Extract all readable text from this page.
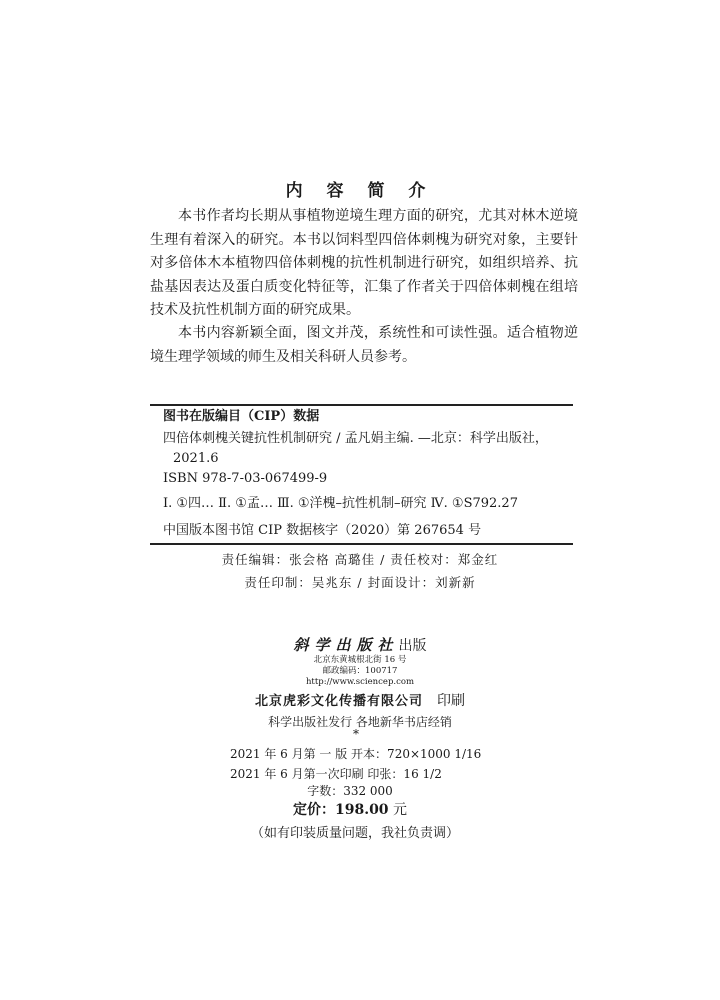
内 容 简 介
本书作者均长期从事植物逆境生理方面的研究，尤其对林木逆境生理有着深入的研究。本书以饲料型四倍体刺槐为研究对象，主要针对多倍体木本植物四倍体刺槐的抗性机制进行研究，如组织培养、抗盐基因表达及蛋白质变化特征等，汇集了作者关于四倍体刺槐在组培技术及抗性机制方面的研究成果。
本书内容新颖全面，图文并茂，系统性和可读性强。适合植物逆境生理学领域的师生及相关科研人员参考。
图书在版编目（CIP）数据
四倍体刺槐关键抗性机制研究 / 孟凡娟主编. —北京：科学出版社，
2021.6
ISBN 978-7-03-067499-9
Ⅰ. ①四… Ⅱ. ①孟… Ⅲ. ①洋槐–抗性机制–研究 Ⅳ. ①S792.27
中国版本图书馆 CIP 数据核字（2020）第 267654 号
责任编辑：张会格 高璐佳 / 责任校对：郑金红
责任印制：吴兆东 / 封面设计：刘新新
斜学出版社出版
北京东黄城根北街 16 号
邮政编码：100717
http://www.sciencep.com
北京虎彩文化传播有限公司 印刷
科学出版社发行 各地新华书店经销
*
2021 年 6 月第 一 版 开本：720×1000 1/16
2021 年 6 月第一次印刷 印张：16 1/2
字数：332 000
定价：198.00 元
（如有印装质量问题，我社负责调）
